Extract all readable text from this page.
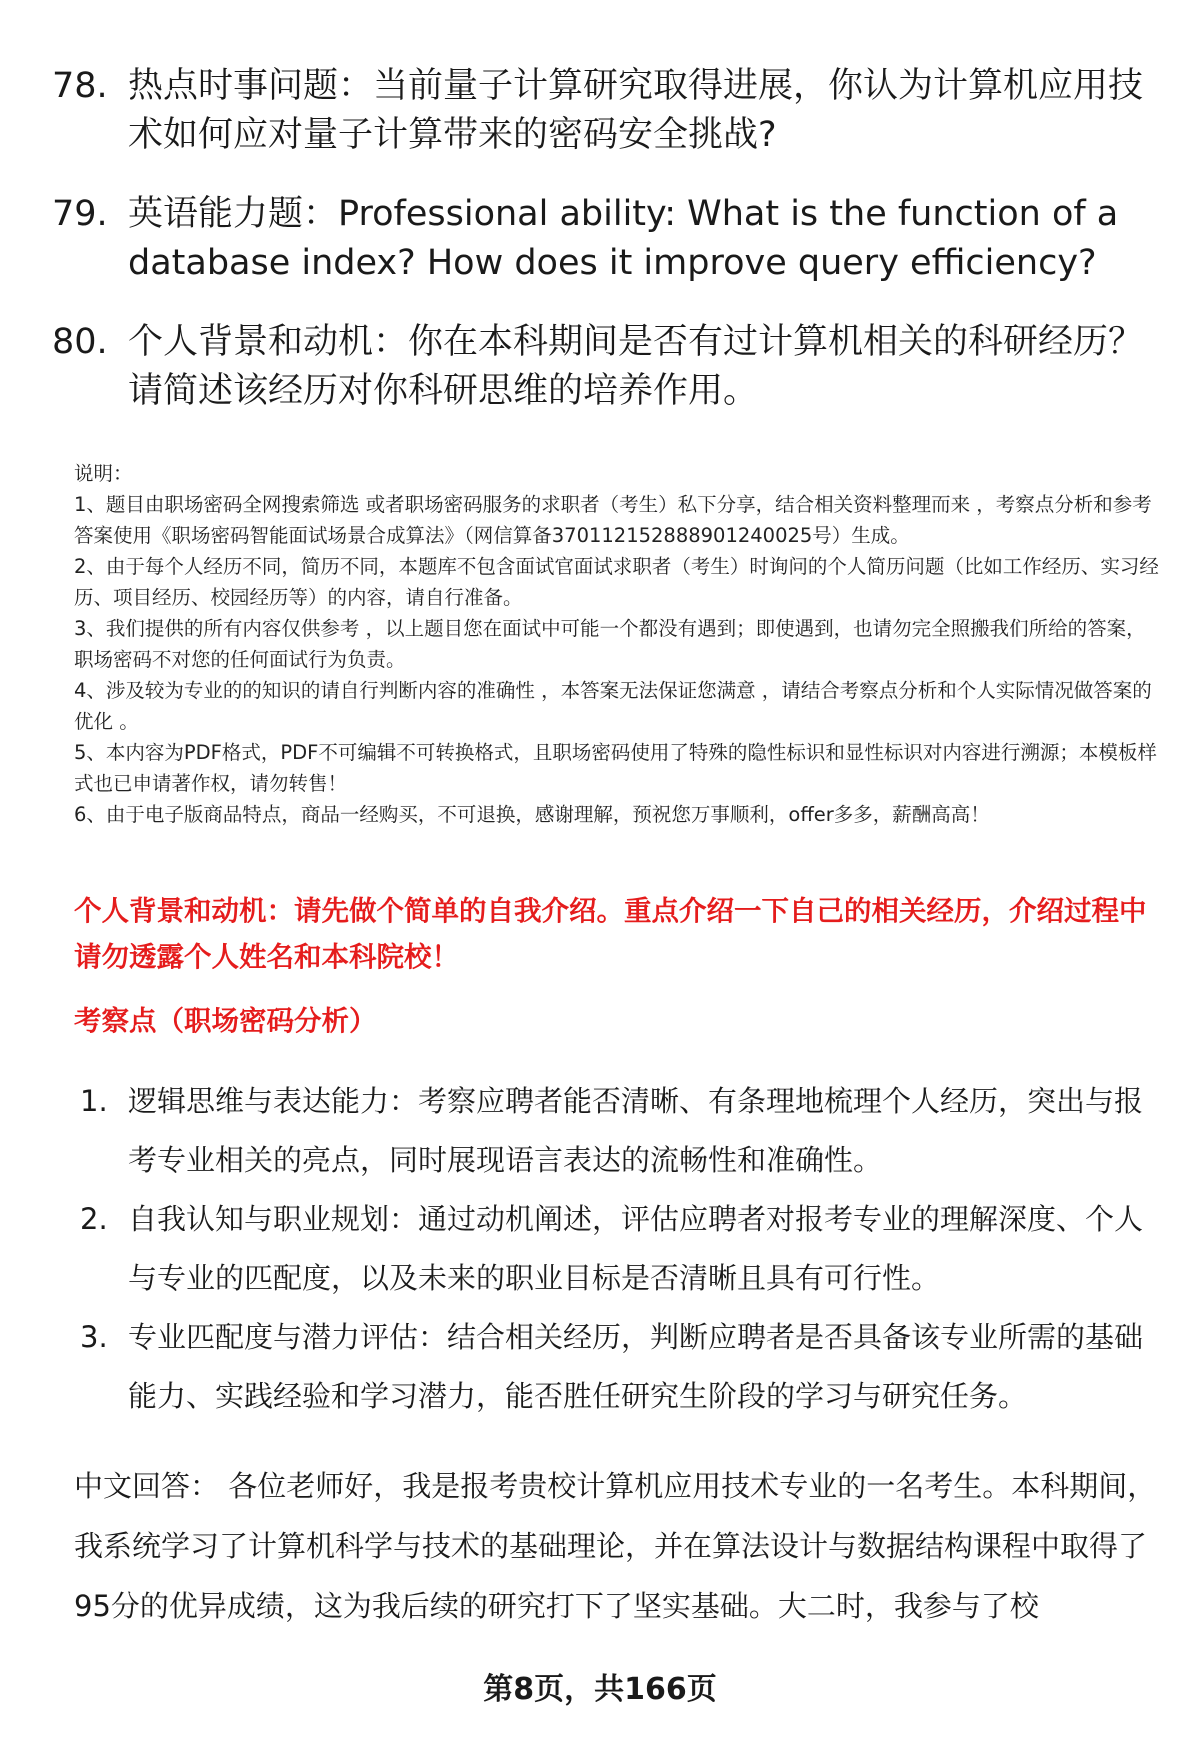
78. 热点时事问题：当前量子计算研究取得进展，你认为计算机应用技术如何应对量子计算带来的密码安全挑战?
79. 英语能力题：Professional ability: What is the function of a database index? How does it improve query efficiency?
80. 个人背景和动机：你在本科期间是否有过计算机相关的科研经历？请简述该经历对你科研思维的培养作用。

说明：

1、题目由职场密码全网搜索筛选 或者职场密码服务的求职者（考生）私下分享，结合相关资料整理而来 ，考察点分析和参考答案使用《职场密码智能面试场景合成算法》（网信算备370112152888901240025号）生成。

2、由于每个人经历不同，简历不同，本题库不包含面试官面试求职者（考生）时询问的个人简历问题（比如工作经历、实习经历、项目经历、校园经历等）的内容，请自行准备。

3、我们提供的所有内容仅供参考 ，以上题目您在面试中可能一个都没有遇到；即使遇到，也请勿完全照搬我们所给的答案，职场密码不对您的任何面试行为负责。

4、涉及较为专业的的知识的请自行判断内容的准确性 ，本答案无法保证您满意 ，请结合考察点分析和个人实际情况做答案的优化 。

5、本内容为PDF格式，PDF不可编辑不可转换格式，且职场密码使用了特殊的隐性标识和显性标识对内容进行溯源；本模板样式也已申请著作权，请勿转售！

6、由于电子版商品特点，商品一经购买，不可退换，感谢理解，预祝您万事顺利，offer多多，薪酬高高！

个人背景和动机：请先做个简单的自我介绍。重点介绍一下自己的相关经历，介绍过程中请勿透露个人姓名和本科院校！
考察点（职场密码分析）
1. 逻辑思维与表达能力：考察应聘者能否清晰、有条理地梳理个人经历，突出与报考专业相关的亮点，同时展现语言表达的流畅性和准确性。
2. 自我认知与职业规划：通过动机阐述，评估应聘者对报考专业的理解深度、个人与专业的匹配度，以及未来的职业目标是否清晰且具有可行性。
3. 专业匹配度与潜力评估：结合相关经历，判断应聘者是否具备该专业所需的基础能力、实践经验和学习潜力，能否胜任研究生阶段的学习与研究任务。
中文回答： 各位老师好，我是报考贵校计算机应用技术专业的一名考生。本科期间，我系统学习了计算机科学与技术的基础理论，并在算法设计与数据结构课程中取得了95分的优异成绩，这为我后续的研究打下了坚实基础。大二时，我参与了校
第8页，共166页
